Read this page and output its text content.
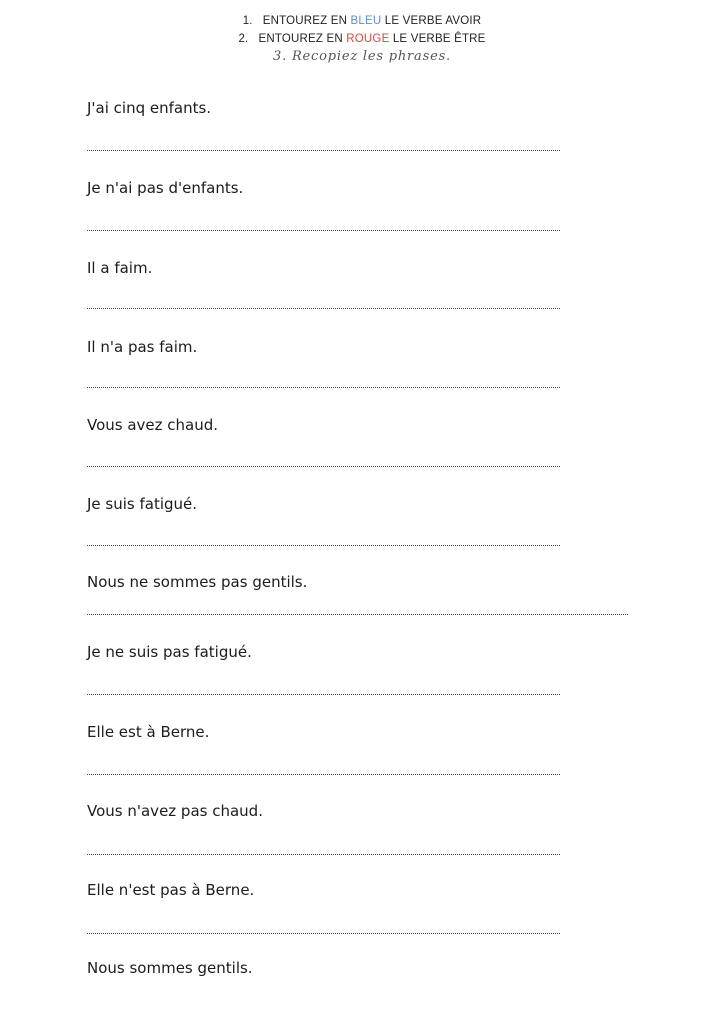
1. ENTOUREZ EN BLEU LE VERBE AVOIR
2. ENTOUREZ EN ROUGE LE VERBE ÊTRE
3. Recopiez les phrases.
J'ai cinq enfants.
Je n'ai pas d'enfants.
Il a faim.
Il n'a pas faim.
Vous avez chaud.
Je suis fatigué.
Nous ne sommes pas gentils.
Je ne suis pas fatigué.
Elle est à Berne.
Vous n'avez pas chaud.
Elle n'est pas à Berne.
Nous sommes gentils.
